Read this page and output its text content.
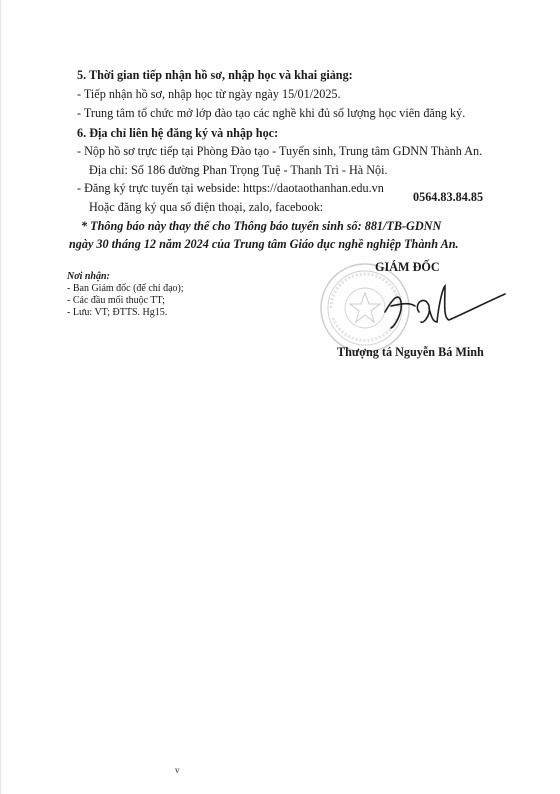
5. Thời gian tiếp nhận hồ sơ, nhập học và khai giảng:
- Tiếp nhận hồ sơ, nhập học từ ngày ngày 15/01/2025.
- Trung tâm tổ chức mở lớp đào tạo các nghề khi đủ số lượng học viên đăng ký.
6. Địa chỉ liên hệ đăng ký và nhập học:
- Nộp hồ sơ trực tiếp tại Phòng Đào tạo - Tuyển sinh, Trung tâm GDNN Thành An.
Địa chỉ: Số 186 đường Phan Trọng Tuệ - Thanh Trì - Hà Nội.
- Đăng ký trực tuyến tại webside: https://daotaothanhan.edu.vn
Hoặc đăng ký qua số điện thoại, zalo, facebook:
0564.83.84.85
* Thông báo này thay thế cho Thông báo tuyển sinh số: 881/TB-GDNN
ngày 30 tháng 12 năm 2024 của Trung tâm Giáo dục nghề nghiệp Thành An.
Nơi nhận:
- Ban Giám đốc (để chỉ đạo);
- Các đầu mối thuộc TT;
- Lưu: VT; ĐTTS. Hg15.
GIÁM ĐỐC
Thượng tá Nguyễn Bá Minh
v
